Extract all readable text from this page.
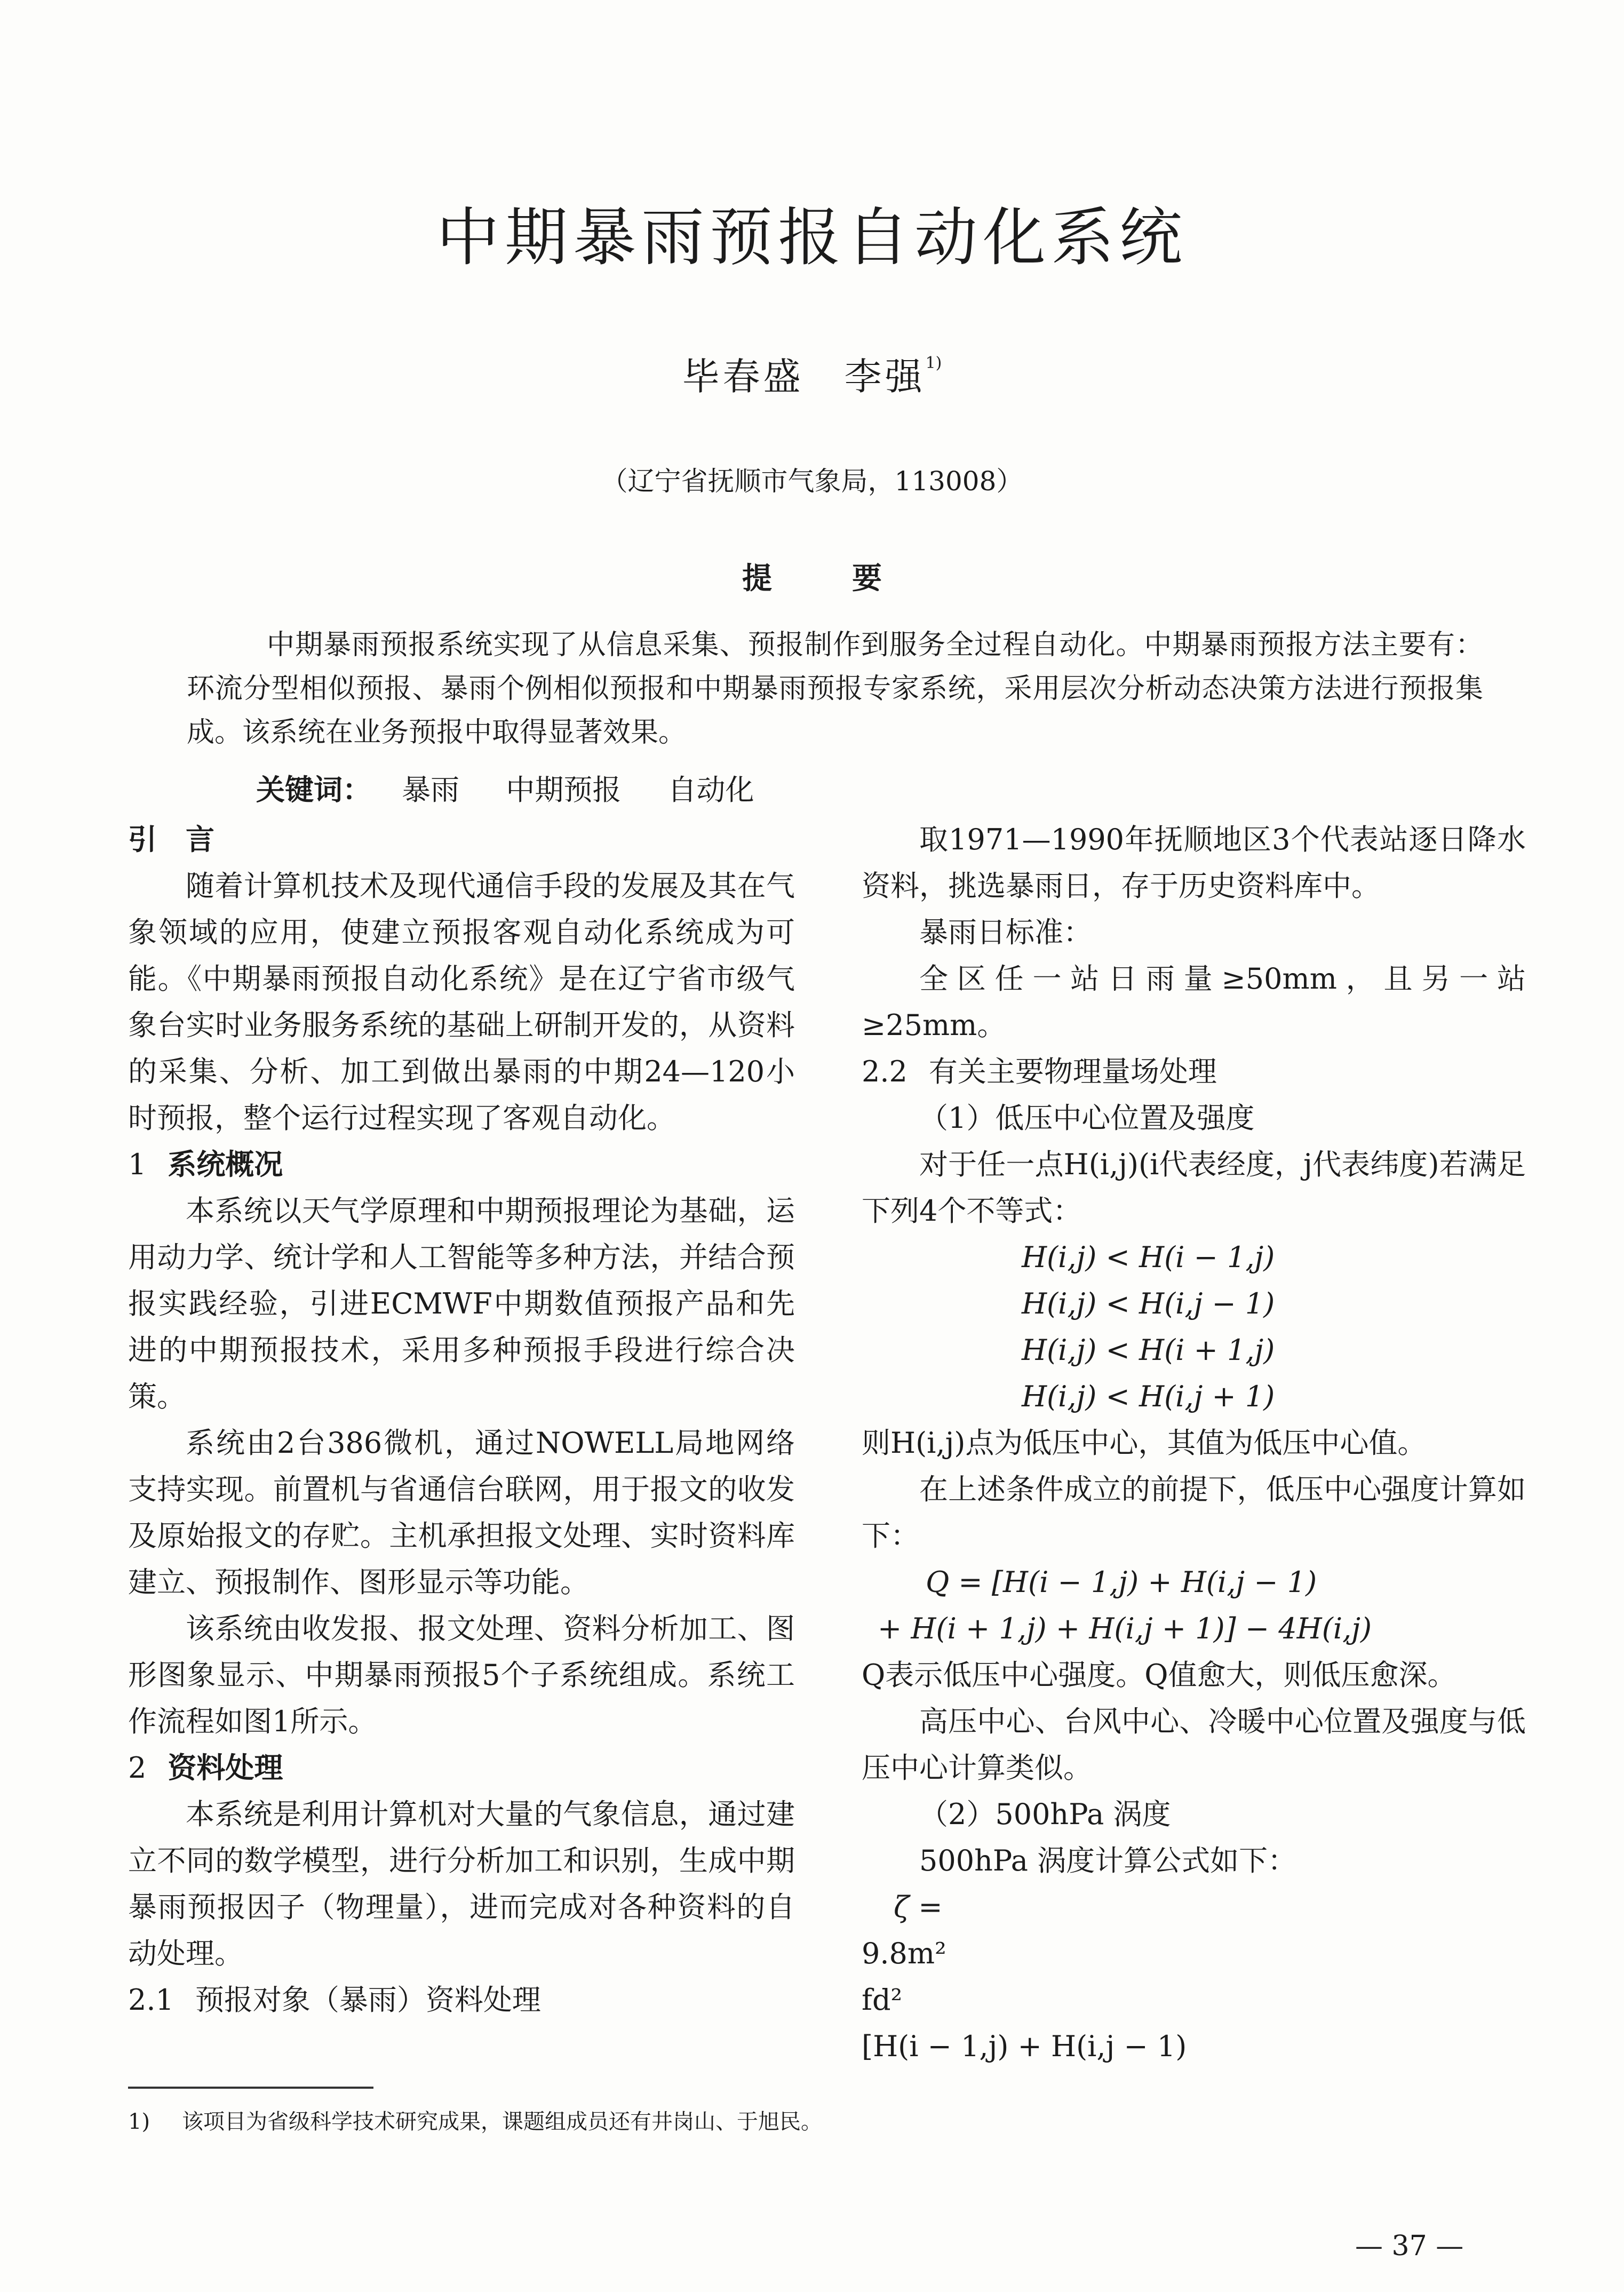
中期暴雨预报自动化系统
毕春盛　李强$^{1)}$
（辽宁省抚顺市气象局，113008）
提要
中期暴雨预报系统实现了从信息采集、预报制作到服务全过程自动化。中期暴雨预报方法主要有：环流分型相似预报、暴雨个例相似预报和中期暴雨预报专家系统，采用层次分析动态决策方法进行预报集成。该系统在业务预报中取得显著效果。
关键词： 暴雨 中期预报 自动化

引　言

随着计算机技术及现代通信手段的发展及其在气象领域的应用，使建立预报客观自动化系统成为可能。《中期暴雨预报自动化系统》是在辽宁省市级气象台实时业务服务系统的基础上研制开发的，从资料的采集、分析、加工到做出暴雨的中期24—120小时预报，整个运行过程实现了客观自动化。

1 系统概况

本系统以天气学原理和中期预报理论为基础，运用动力学、统计学和人工智能等多种方法，并结合预报实践经验，引进ECMWF中期数值预报产品和先进的中期预报技术，采用多种预报手段进行综合决策。

系统由2台386微机，通过NOWELL局地网络支持实现。前置机与省通信台联网，用于报文的收发及原始报文的存贮。主机承担报文处理、实时资料库建立、预报制作、图形显示等功能。

该系统由收发报、报文处理、资料分析加工、图形图象显示、中期暴雨预报5个子系统组成。系统工作流程如图1所示。

2 资料处理

本系统是利用计算机对大量的气象信息，通过建立不同的数学模型，进行分析加工和识别，生成中期暴雨预报因子（物理量），进而完成对各种资料的自动处理。

2.1 预报对象（暴雨）资料处理

取1971—1990年抚顺地区3个代表站逐日降水资料，挑选暴雨日，存于历史资料库中。

暴雨日标准：

全区任一站日雨量≥50mm，且另一站≥25mm。

2.2 有关主要物理量场处理

（1）低压中心位置及强度

对于任一点H(i,j)(i代表经度，j代表纬度)若满足下列4个不等式：

H(i,j) < H(i − 1,j)

H(i,j) < H(i,j − 1)

H(i,j) < H(i + 1,j)

H(i,j) < H(i,j + 1)

则H(i,j)点为低压中心，其值为低压中心值。

在上述条件成立的前提下，低压中心强度计算如下：

Q = [H(i − 1,j) + H(i,j − 1)

+ H(i + 1,j) + H(i,j + 1)] − 4H(i,j)

Q表示低压中心强度。Q值愈大，则低压愈深。

高压中心、台风中心、冷暖中心位置及强度与低压中心计算类似。

（2）500hPa 涡度

500hPa 涡度计算公式如下：

ζ =

9.8m²
fd²
[H(i − 1,j) + H(i,j − 1)

1) 该项目为省级科学技术研究成果，课题组成员还有井岗山、于旭民。
— 37 —
